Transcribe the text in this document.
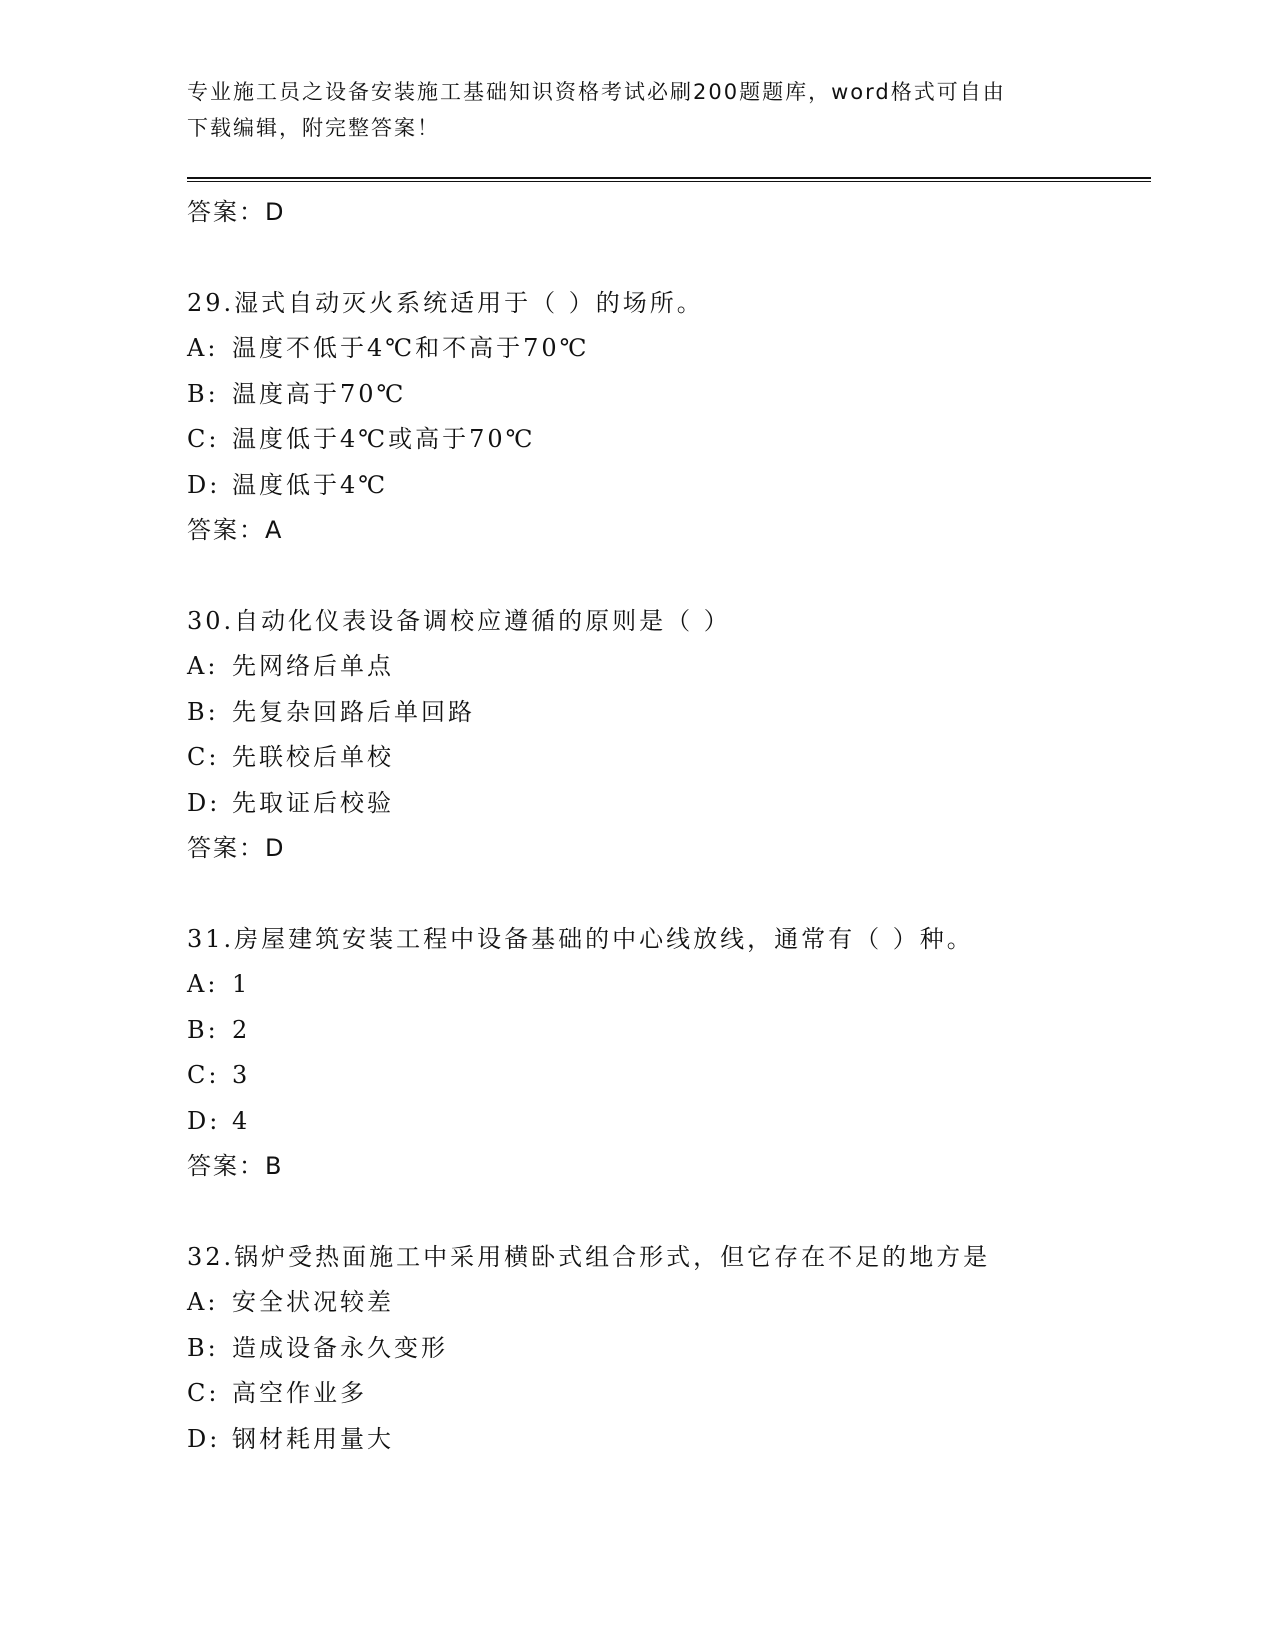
专业施工员之设备安装施工基础知识资格考试必刷200题题库，word格式可自由
下载编辑，附完整答案！
答案：D
29.湿式自动灭火系统适用于（ ）的场所。
A: 温度不低于4℃和不高于70℃
B: 温度高于70℃
C: 温度低于4℃或高于70℃
D: 温度低于4℃
答案：A
30.自动化仪表设备调校应遵循的原则是（ ）
A: 先网络后单点
B: 先复杂回路后单回路
C: 先联校后单校
D: 先取证后校验
答案：D
31.房屋建筑安装工程中设备基础的中心线放线，通常有（ ）种。
A: 1
B: 2
C: 3
D: 4
答案：B
32.锅炉受热面施工中采用横卧式组合形式，但它存在不足的地方是
A: 安全状况较差
B: 造成设备永久变形
C: 高空作业多
D: 钢材耗用量大
